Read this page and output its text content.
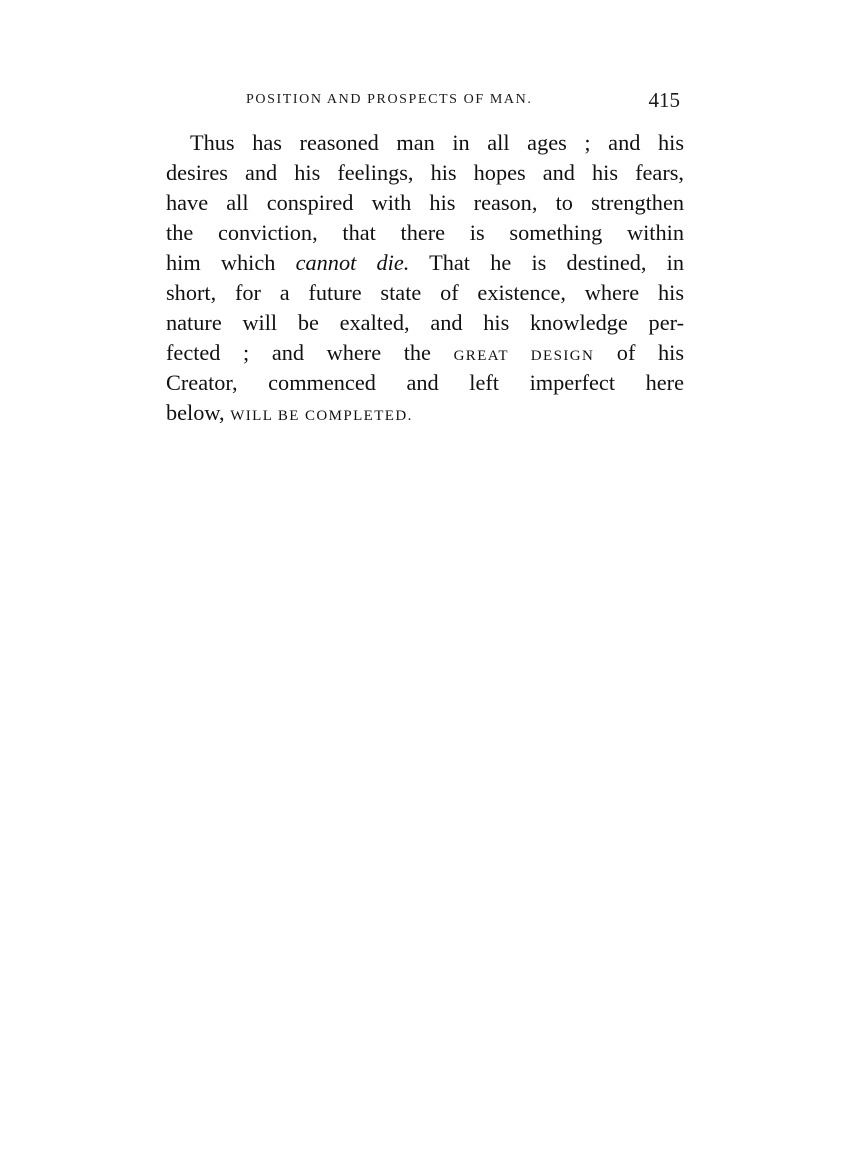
POSITION AND PROSPECTS OF MAN.	415
Thus has reasoned man in all ages ; and his
desires and his feelings, his hopes and his fears,
have all conspired with his reason, to strengthen
the conviction, that there is something within
him which cannot die. That he is destined, in
short, for a future state of existence, where his
nature will be exalted, and his knowledge per-
fected ; and where the GREAT DESIGN of his
Creator, commenced and left imperfect here
below, WILL BE COMPLETED.
